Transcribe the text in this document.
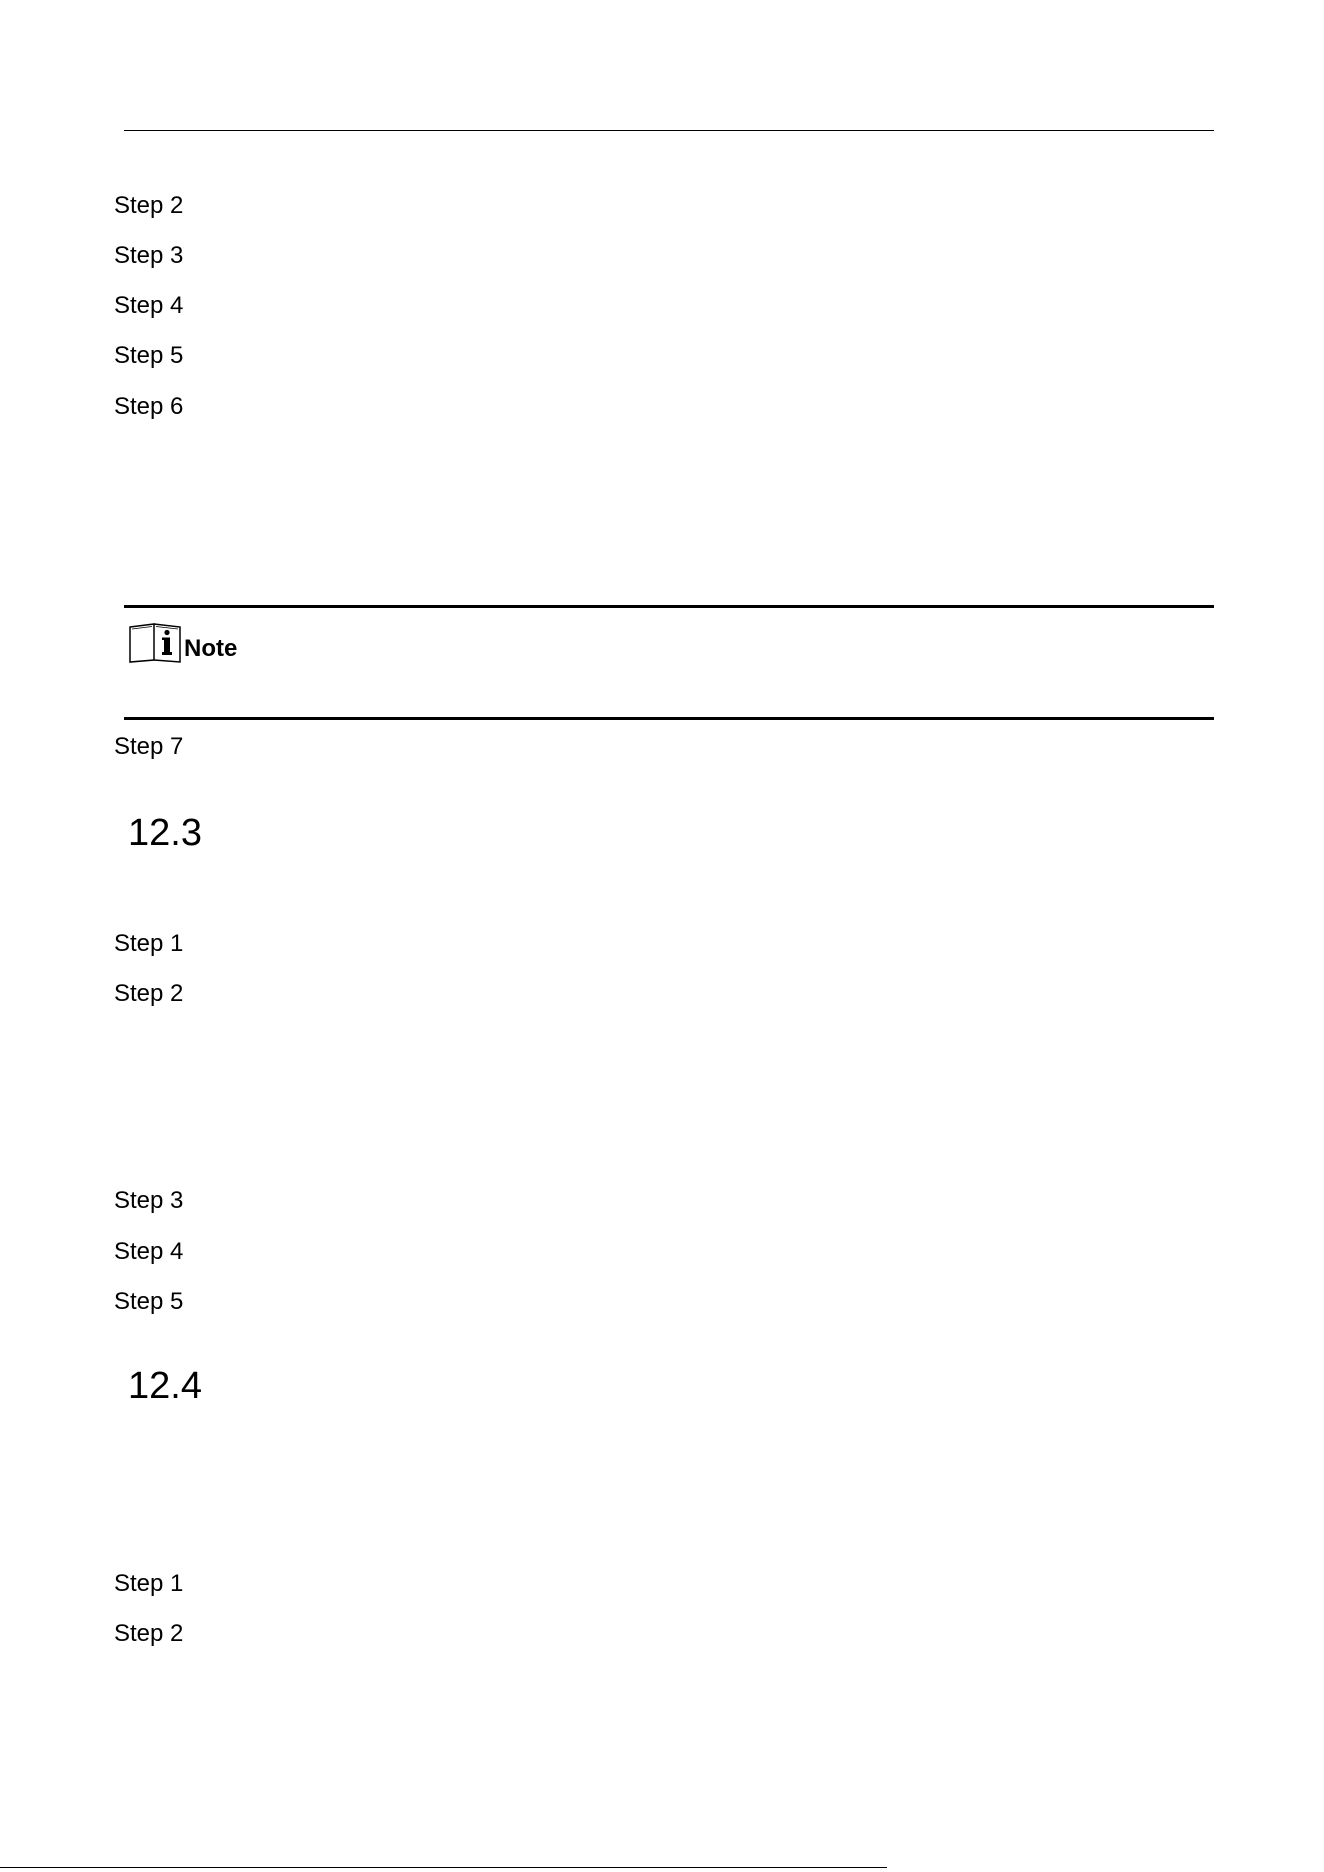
Step 2
Step 3
Step 4
Step 5
Step 6
Note
Step 7
12.3
Step 1
Step 2
Step 3
Step 4
Step 5
12.4
Step 1
Step 2
